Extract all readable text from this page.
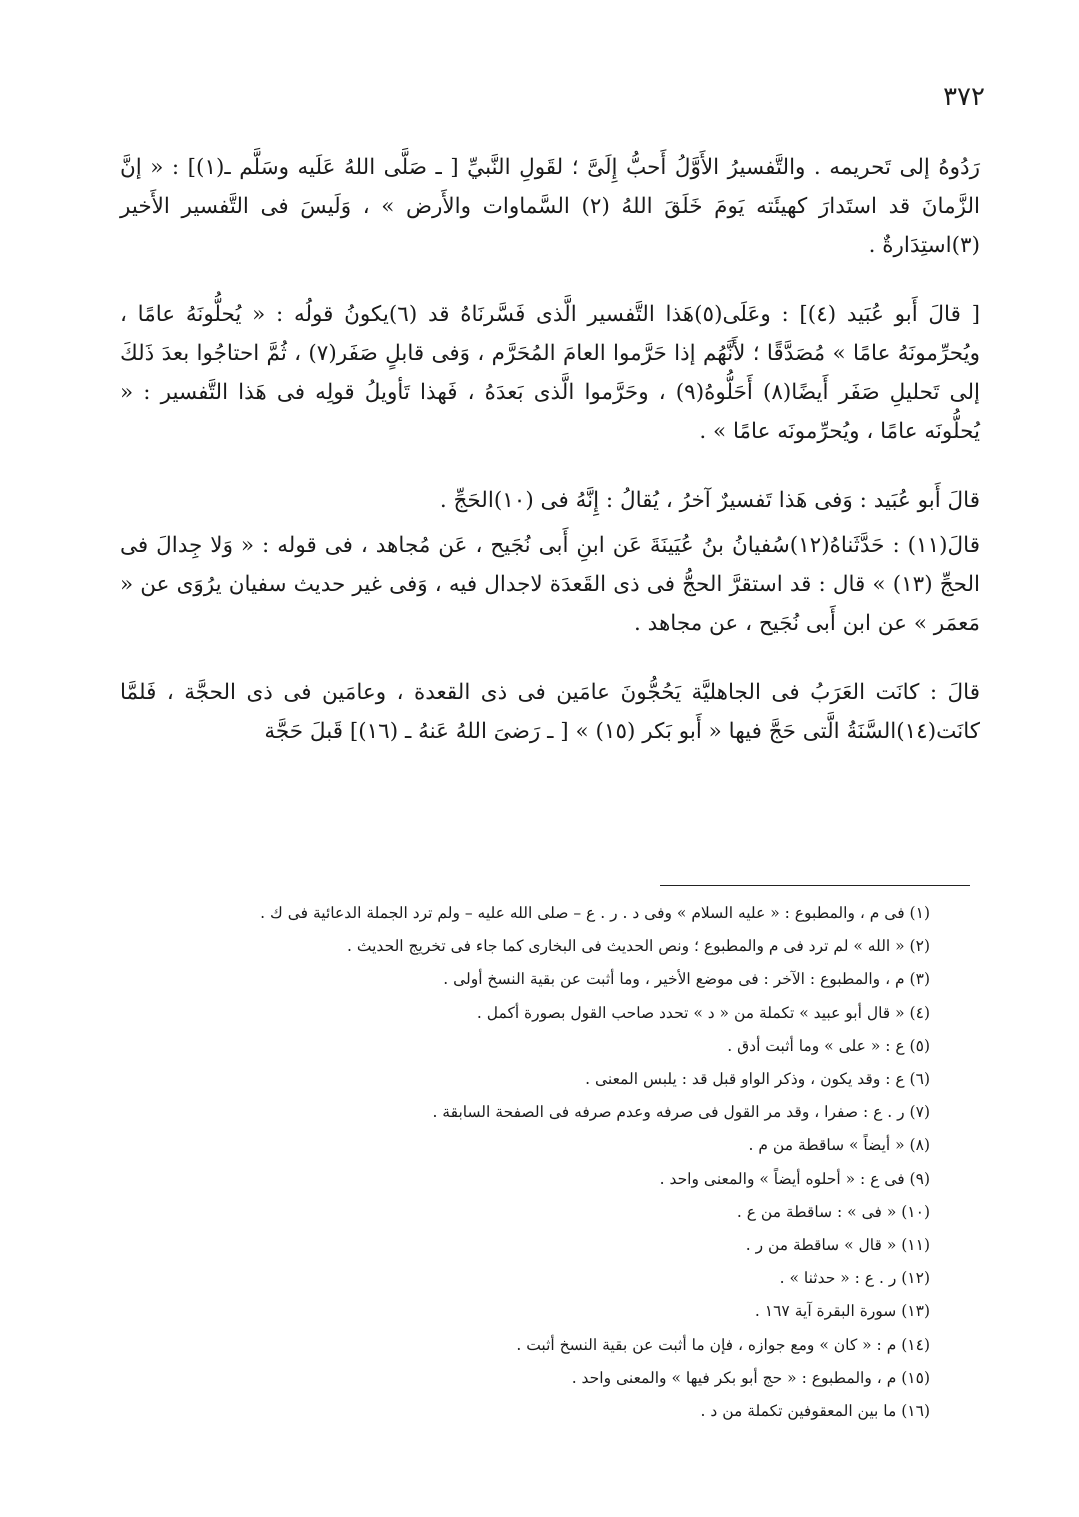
٣٧٢

رَدُوهُ إلى تَحريمه . والتَّفسيرُ الأَوَّلُ أَحبُّ إِلَىَّ ؛ لقَولِ النَّبيِّ [ ـ صَلَّى اللهُ عَلَيه وسَلَّم ـ(١)] : « إنَّ الزَّمانَ قد استَدارَ كهيئَته يَومَ خَلَقَ اللهُ (٢) السَّماوات والأَرض » ، وَلَيسَ فى التَّفسير الأَخير (٣)استِدَارةٌ .

[ قالَ أَبو عُبَيد (٤)] : وعَلَى(٥)هَذا التَّفسير الَّذى فَسَّرنَاهُ قد (٦)يكونُ قولُه : « يُحلُّونَهُ عامًا ، ويُحرِّمونَهُ عامًا » مُصَدَّقًا ؛ لأَنَّهُم إذا حَرَّموا العامَ المُحَرَّم ، وَفى قابلٍ صَفَر(٧) ، ثُمَّ احتاجُوا بعدَ ذَلكَ إلى تَحليلِ صَفَر أَيضًا(٨) أَحَلُّوهُ(٩) ، وحَرَّموا الَّذى بَعدَهُ ، فَهذا تَأويلُ قولِه فى هَذا التَّفسير : « يُحلُّونَه عامًا ، ويُحرِّمونَه عامًا » .

قالَ أَبو عُبَيد : وَفى هَذا تَفسيرٌ آخرُ ، يُقالُ : إِنَّهُ فى (١٠)الحَجِّ .

قالَ(١١) : حَدَّثَناهُ(١٢)سُفيانُ بنُ عُيَينَةَ عَن ابنِ أَبى نُجَيح ، عَن مُجاهد ، فى قوله : « وَلا جِدالَ فى الحجِّ (١٣) » قال : قد استقرَّ الحجُّ فى ذى القَعدَة لاجدال فيه ، وَفى غير حديث سفيان يرُوَى عن « مَعمَر » عن ابن أَبى نُجَيح ، عن مجاهد .

قالَ : كانَت العَرَبُ فى الجاهليَّة يَحُجُّونَ عامَين فى ذى القعدة ، وعامَين فى ذى الحجَّة ، فَلمَّا كانَت(١٤)السَّنَةُ الَّتى حَجَّ فيها « أَبو بَكر (١٥) » [ ـ رَضىَ اللهُ عَنهُ ـ (١٦)] قَبلَ حَجَّة

(١) فى م ، والمطبوع : « عليه السلام » وفى د . ر . ع – صلى الله عليه – ولم ترد الجملة الدعائية فى ك .
(٢) « الله » لم ترد فى م والمطبوع ؛ ونص الحديث فى البخارى كما جاء فى تخريج الحديث .
(٣) م ، والمطبوع : الآخر : فى موضع الأخير ، وما أثبت عن بقية النسخ أولى .
(٤) « قال أبو عبيد » تكملة من « د » تحدد صاحب القول بصورة أكمل .
(٥) ع : « على » وما أثبت أدق .
(٦) ع : وقد يكون ، وذكر الواو قبل قد : يلبس المعنى .
(٧) ر . ع : صفرا ، وقد مر القول فى صرفه وعدم صرفه فى الصفحة السابقة .
(٨) « أيضاً » ساقطة من م .
(٩) فى ع : « أحلوه أيضاً » والمعنى واحد .
(١٠) « فى » : ساقطة من ع .
(١١) « قال » ساقطة من ر .
(١٢) ر . ع : « حدثنا » .
(١٣) سورة البقرة آية ١٦٧ .
(١٤) م : « كان » ومع جوازه ، فإن ما أثبت عن بقية النسخ أثبت .
(١٥) م ، والمطبوع : « حج أبو بكر فيها » والمعنى واحد .
(١٦) ما بين المعقوفين تكملة من د .
